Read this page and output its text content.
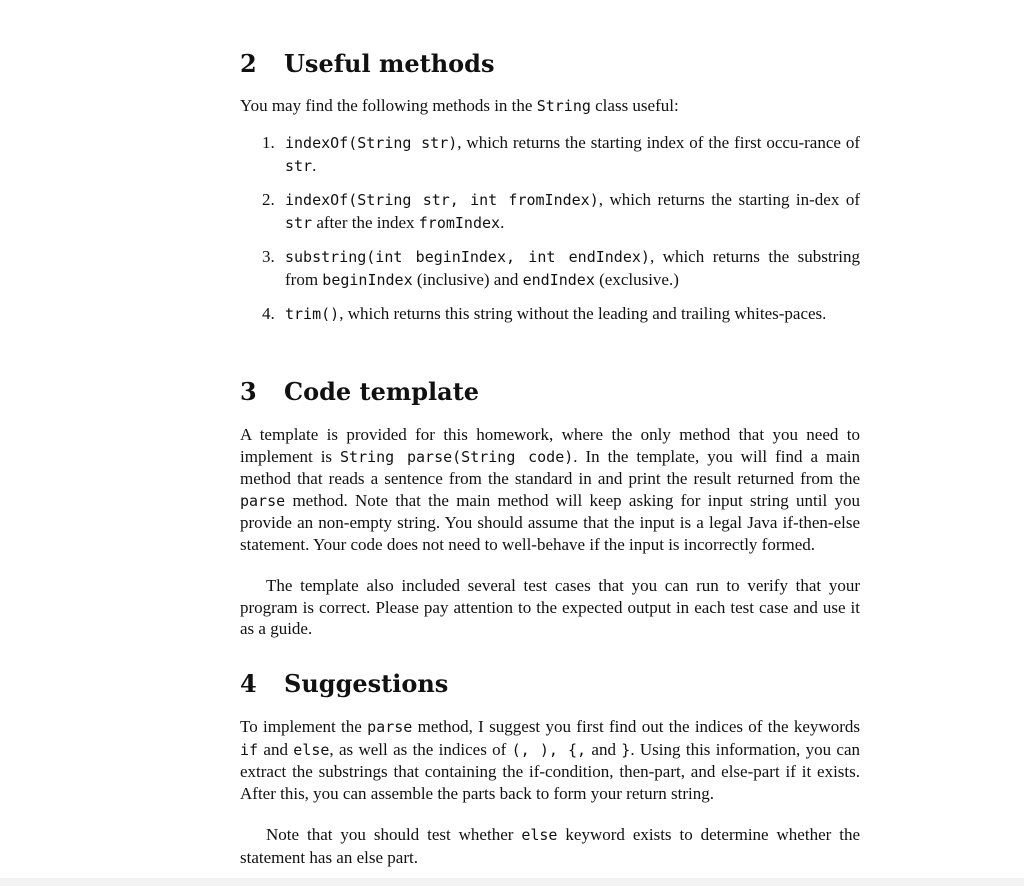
2 Useful methods

You may find the following methods in the String class useful:

1. indexOf(String str), which returns the starting index of the first occu-rance of str.
2. indexOf(String str, int fromIndex), which returns the starting in-dex of str after the index fromIndex.
3. substring(int beginIndex, int endIndex), which returns the substring from beginIndex (inclusive) and endIndex (exclusive.)
4. trim(), which returns this string without the leading and trailing whites-paces.
3 Code template

A template is provided for this homework, where the only method that you need to implement is String parse(String code). In the template, you will find a main method that reads a sentence from the standard in and print the result returned from the parse method. Note that the main method will keep asking for input string until you provide an non-empty string. You should assume that the input is a legal Java if-then-else statement. Your code does not need to well-behave if the input is incorrectly formed.

The template also included several test cases that you can run to verify that your program is correct. Please pay attention to the expected output in each test case and use it as a guide.

4 Suggestions

To implement the parse method, I suggest you first find out the indices of the keywords if and else, as well as the indices of (, ), {, and }. Using this information, you can extract the substrings that containing the if-condition, then-part, and else-part if it exists. After this, you can assemble the parts back to form your return string.

Note that you should test whether else keyword exists to determine whether the statement has an else part.
